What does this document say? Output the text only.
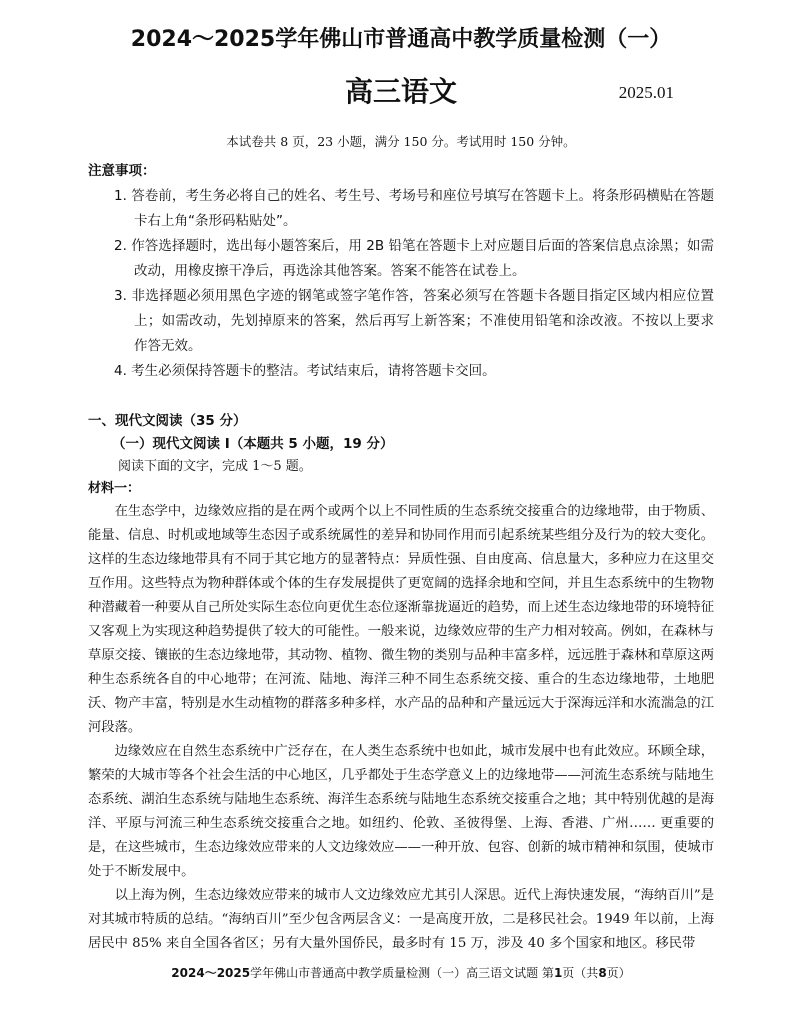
2024～2025学年佛山市普通高中教学质量检测（一）
高三语文	2025.01
本试卷共 8 页，23 小题，满分 150 分。考试用时 150 分钟。
注意事项：
1. 答卷前，考生务必将自己的姓名、考生号、考场号和座位号填写在答题卡上。将条形码横贴在答题卡右上角“条形码粘贴处”。
2. 作答选择题时，选出每小题答案后，用 2B 铅笔在答题卡上对应题目后面的答案信息点涂黑；如需改动，用橡皮擦干净后，再选涂其他答案。答案不能答在试卷上。
3. 非选择题必须用黑色字迹的钢笔或签字笔作答，答案必须写在答题卡各题目指定区域内相应位置上；如需改动，先划掉原来的答案，然后再写上新答案；不准使用铅笔和涂改液。不按以上要求作答无效。
4. 考生必须保持答题卡的整洁。考试结束后，请将答题卡交回。
一、现代文阅读（35 分）
（一）现代文阅读 Ⅰ（本题共 5 小题，19 分）
阅读下面的文字，完成 1～5 题。
材料一：

在生态学中，边缘效应指的是在两个或两个以上不同性质的生态系统交接重合的边缘地带，由于物质、能量、信息、时机或地域等生态因子或系统属性的差异和协同作用而引起系统某些组分及行为的较大变化。这样的生态边缘地带具有不同于其它地方的显著特点：异质性强、自由度高、信息量大，多种应力在这里交互作用。这些特点为物种群体或个体的生存发展提供了更宽阔的选择余地和空间，并且生态系统中的生物物种潜藏着一种要从自己所处实际生态位向更优生态位逐渐靠拢逼近的趋势，而上述生态边缘地带的环境特征又客观上为实现这种趋势提供了较大的可能性。一般来说，边缘效应带的生产力相对较高。例如，在森林与草原交接、镶嵌的生态边缘地带，其动物、植物、微生物的类别与品种丰富多样，远远胜于森林和草原这两种生态系统各自的中心地带；在河流、陆地、海洋三种不同生态系统交接、重合的生态边缘地带，土地肥沃、物产丰富，特别是水生动植物的群落多种多样，水产品的品种和产量远远大于深海远洋和水流湍急的江河段落。

边缘效应在自然生态系统中广泛存在，在人类生态系统中也如此，城市发展中也有此效应。环顾全球，繁荣的大城市等各个社会生活的中心地区，几乎都处于生态学意义上的边缘地带——河流生态系统与陆地生态系统、湖泊生态系统与陆地生态系统、海洋生态系统与陆地生态系统交接重合之地；其中特别优越的是海洋、平原与河流三种生态系统交接重合之地。如纽约、伦敦、圣彼得堡、上海、香港、广州…… 更重要的是，在这些城市，生态边缘效应带来的人文边缘效应——一种开放、包容、创新的城市精神和氛围，使城市处于不断发展中。

以上海为例，生态边缘效应带来的城市人文边缘效应尤其引人深思。近代上海快速发展，“海纳百川”是对其城市特质的总结。“海纳百川”至少包含两层含义：一是高度开放，二是移民社会。1949 年以前，上海居民中 85% 来自全国各省区；另有大量外国侨民，最多时有 15 万，涉及 40 多个国家和地区。移民带

2024～2025学年佛山市普通高中教学质量检测（一）高三语文试题 第1页（共8页）
